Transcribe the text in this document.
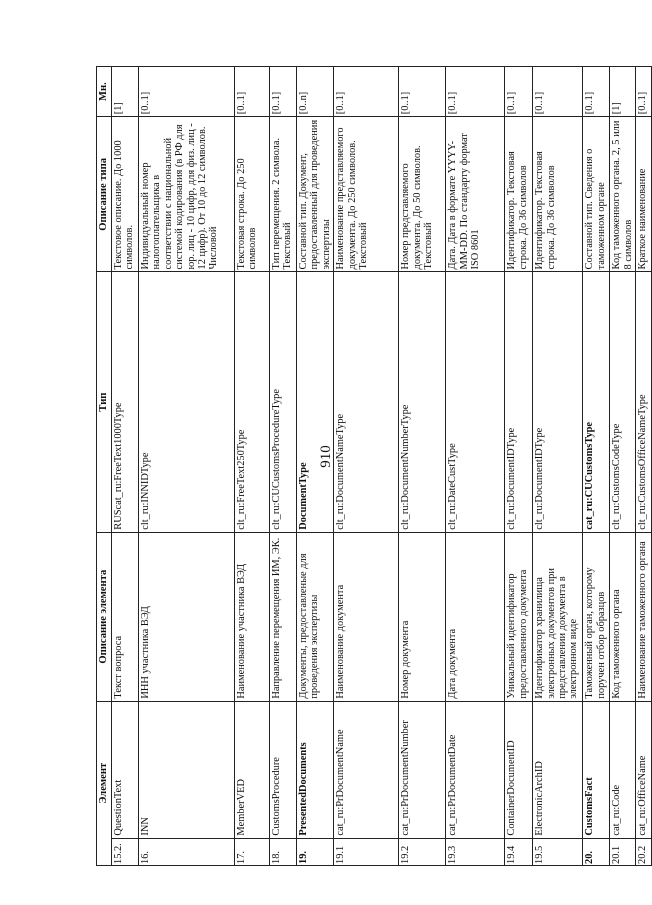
910
Элемент		Описание элемента	Тип	Описание типа	Мн.
15.2.	QuestionText	Текст вопроса	RUScat_ru:FreeText1000Type	Текстовое описание. До 1000 символов.	[1]
16.	INN	ИНН участника ВЭД	clt_ru:INNIDType	Индивидуальный номер налогоплательщика в соответствии с национальной системой кодирования (в РФ для юр. лиц - 10 цифр, для физ. лиц - 12 цифр). От 10 до 12 символов. Числовой	[0..1]
17.	MemberVED	Наименование участника ВЭД	clt_ru:FreeText250Type	Текстовая строка. До 250 символов	[0..1]
18.	CustomsProcedure	Направление перемещения ИМ, ЭК.	clt_ru:CUCustomsProcedureType	Тип перемещения. 2 символа. Текстовый	[0..1]
19.	PresentedDocuments	Документы, предоставленые для проведения экспертизы	DocumentType	Составной тип. Документ, предоставленный для проведения экспертизы	[0..n]
19.1	cat_ru:PrDocumentName	Наименование документа	clt_ru:DocumentNameType	Наименование представляемого документа. До 250 символов. Текстовый	[0..1]
19.2	cat_ru:PrDocumentNumber	Номер документа	clt_ru:DocumentNumberType	Номер представляемого документа. До 50 символов. Текстовый	[0..1]
19.3	cat_ru:PrDocumentDate	Дата документа	clt_ru:DateCustType	Дата. Дата в формате YYYY-MM-DD. По стандарту формат ISO 8601	[0..1]
19.4	ContainerDocumentID	Уникальный идентификатор предоставленного документа	clt_ru:DocumentIDType	Идентификатор. Текстовая строка. До 36 символов	[0..1]
19.5	ElectronicArchID	Идентификатор хранилища электронных документов при представлении документа в электронном виде	clt_ru:DocumentIDType	Идентификатор. Текстовая строка. До 36 символов	[0..1]
20.	CustomsFact	Таможенный орган, которому поручен отбор образцов	cat_ru:CUCustomsType	Составной тип. Сведения о таможенном органе	[0..1]
20.1	cat_ru:Code	Код таможенного органа	clt_ru:CustomsCodeType	Код таможенного органа. 2, 5 или 8 символов	[1]
20.2	cat_ru:OfficeName	Наименование таможенного органа	clt_ru:CustomsOfficeNameType	Краткое наименование	[0..1]
